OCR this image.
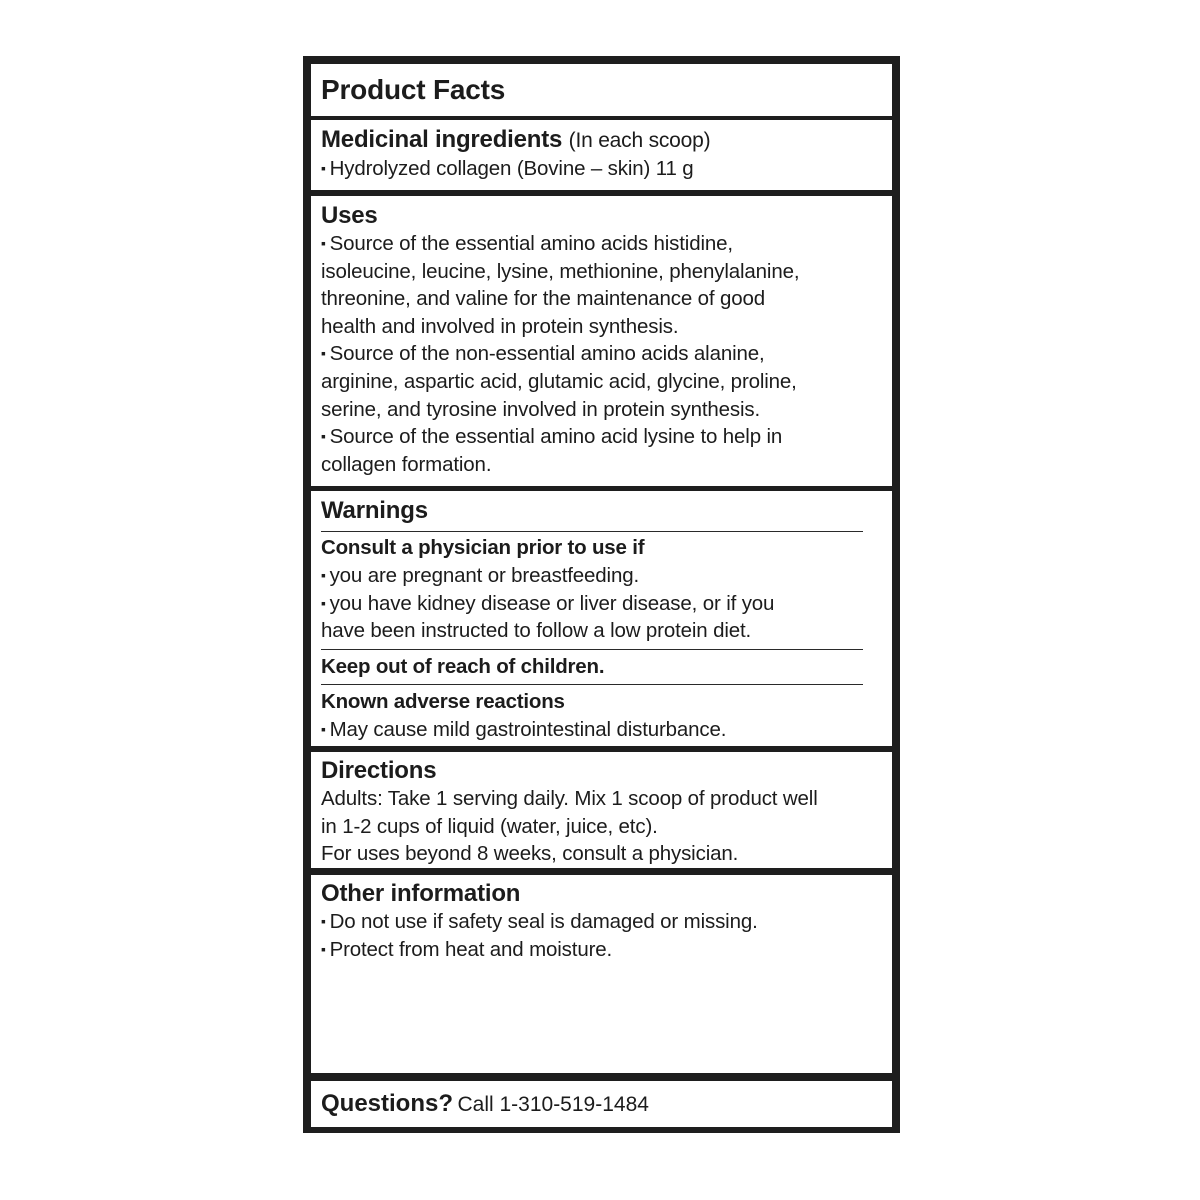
Product Facts
Medicinal ingredients (In each scoop)
▪ Hydrolyzed collagen (Bovine – skin) 11 g
Uses
▪ Source of the essential amino acids histidine,
isoleucine, leucine, lysine, methionine, phenylalanine,
threonine, and valine for the maintenance of good
health and involved in protein synthesis.
▪ Source of the non-essential amino acids alanine,
arginine, aspartic acid, glutamic acid, glycine, proline,
serine, and tyrosine involved in protein synthesis.
▪ Source of the essential amino acid lysine to help in
collagen formation.
Warnings
Consult a physician prior to use if
▪ you are pregnant or breastfeeding.
▪ you have kidney disease or liver disease, or if you
have been instructed to follow a low protein diet.
Keep out of reach of children.
Known adverse reactions
▪ May cause mild gastrointestinal disturbance.
Directions
Adults: Take 1 serving daily. Mix 1 scoop of product well
in 1-2 cups of liquid (water, juice, etc).
For uses beyond 8 weeks, consult a physician.
Other information
▪ Do not use if safety seal is damaged or missing.
▪ Protect from heat and moisture.
Questions? Call 1-310-519-1484
